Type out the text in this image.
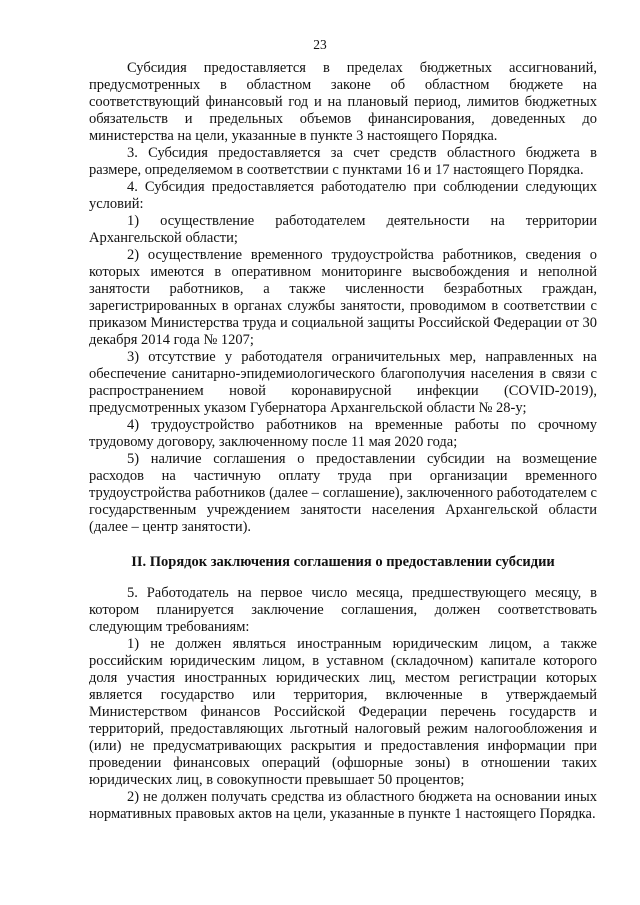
23

Субсидия предоставляется в пределах бюджетных ассигнований, предусмотренных в областном законе об областном бюджете на соответствующий финансовый год и на плановый период, лимитов бюджетных обязательств и предельных объемов финансирования, доведенных до министерства на цели, указанные в пункте 3 настоящего Порядка.

3. Субсидия предоставляется за счет средств областного бюджета в размере, определяемом в соответствии с пунктами 16 и 17 настоящего Порядка.

4. Субсидия предоставляется работодателю при соблюдении следующих условий:

1) осуществление работодателем деятельности на территории Архангельской области;

2) осуществление временного трудоустройства работников, сведения о которых имеются в оперативном мониторинге высвобождения и неполной занятости работников, а также численности безработных граждан, зарегистрированных в органах службы занятости, проводимом в соответствии с приказом Министерства труда и социальной защиты Российской Федерации от 30 декабря 2014 года № 1207;

3) отсутствие у работодателя ограничительных мер, направленных на обеспечение санитарно-эпидемиологического благополучия населения в связи с распространением новой коронавирусной инфекции (COVID-2019), предусмотренных указом Губернатора Архангельской области № 28-у;

4) трудоустройство работников на временные работы по срочному трудовому договору, заключенному после 11 мая 2020 года;

5) наличие соглашения о предоставлении субсидии на возмещение расходов на частичную оплату труда при организации временного трудоустройства работников (далее – соглашение), заключенного работодателем с государственным учреждением занятости населения Архангельской области (далее – центр занятости).

II. Порядок заключения соглашения о предоставлении субсидии

5. Работодатель на первое число месяца, предшествующего месяцу, в котором планируется заключение соглашения, должен соответствовать следующим требованиям:

1) не должен являться иностранным юридическим лицом, а также российским юридическим лицом, в уставном (складочном) капитале которого доля участия иностранных юридических лиц, местом регистрации которых является государство или территория, включенные в утверждаемый Министерством финансов Российской Федерации перечень государств и территорий, предоставляющих льготный налоговый режим налогообложения и (или) не предусматривающих раскрытия и предоставления информации при проведении финансовых операций (офшорные зоны) в отношении таких юридических лиц, в совокупности превышает 50 процентов;

2) не должен получать средства из областного бюджета на основании иных нормативных правовых актов на цели, указанные в пункте 1 настоящего Порядка.
